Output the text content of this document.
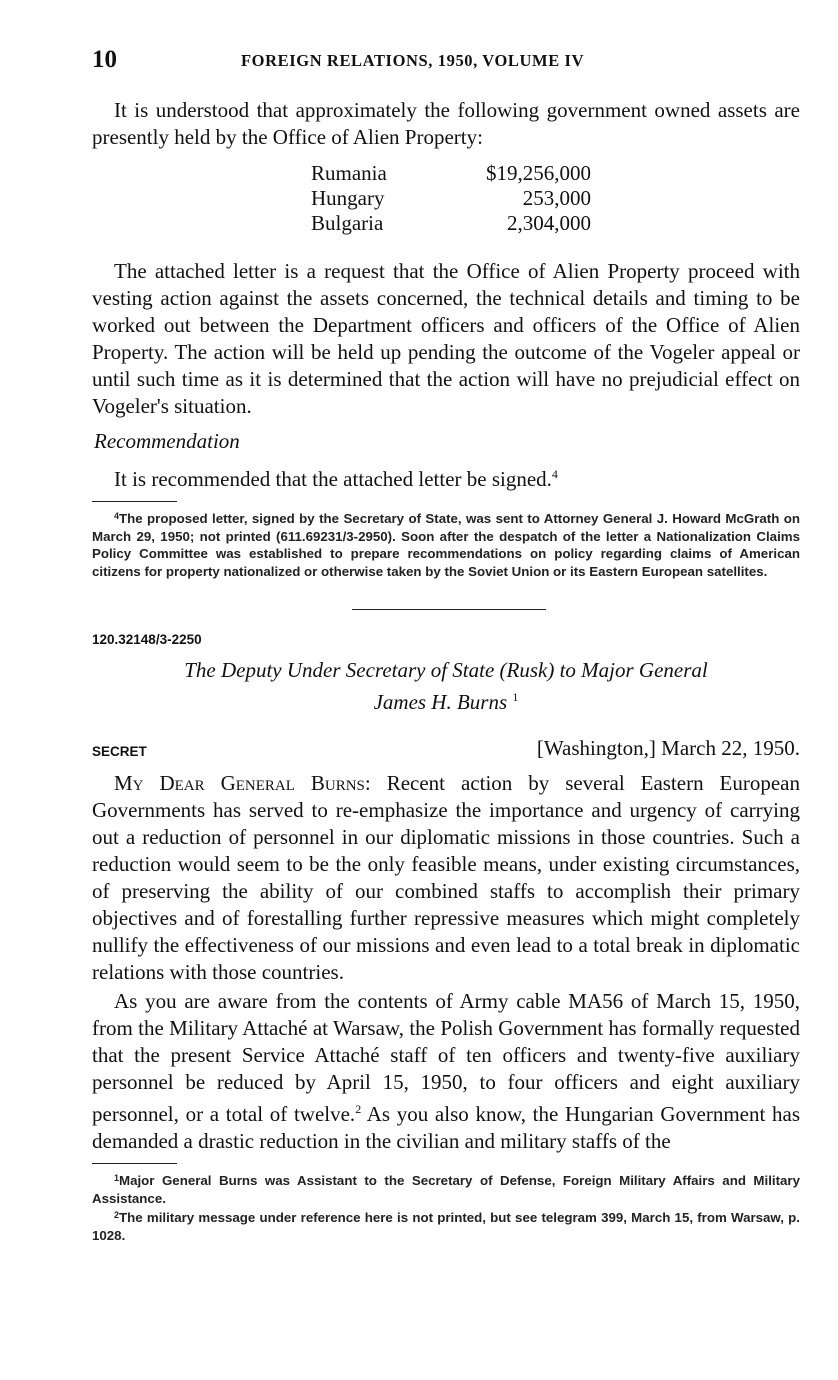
10	FOREIGN RELATIONS, 1950, VOLUME IV

It is understood that approximately the following government owned assets are presently held by the Office of Alien Property:

Rumania	$19,256,000
Hungary	253,000
Bulgaria	2,304,000

The attached letter is a request that the Office of Alien Property proceed with vesting action against the assets concerned, the technical details and timing to be worked out between the Department officers and officers of the Office of Alien Property. The action will be held up pending the outcome of the Vogeler appeal or until such time as it is determined that the action will have no prejudicial effect on Vogeler's situation.

Recommendation

It is recommended that the attached letter be signed.$^4$

$^4$The proposed letter, signed by the Secretary of State, was sent to Attorney General J. Howard McGrath on March 29, 1950; not printed (611.69231/3-2950). Soon after the despatch of the letter a Nationalization Claims Policy Committee was established to prepare recommendations on policy regarding claims of American citizens for property nationalized or otherwise taken by the Soviet Union or its Eastern European satellites.

120.32148/3-2250
The Deputy Under Secretary of State (Rusk) to Major General
James H. Burns $^1$
SECRET	[Washington,] March 22, 1950.

My Dear General Burns: Recent action by several Eastern European Governments has served to re-emphasize the importance and urgency of carrying out a reduction of personnel in our diplomatic missions in those countries. Such a reduction would seem to be the only feasible means, under existing circumstances, of preserving the ability of our combined staffs to accomplish their primary objectives and of forestalling further repressive measures which might completely nullify the effectiveness of our missions and even lead to a total break in diplomatic relations with those countries.

As you are aware from the contents of Army cable MA56 of March 15, 1950, from the Military Attaché at Warsaw, the Polish Government has formally requested that the present Service Attaché staff of ten officers and twenty-five auxiliary personnel be reduced by April 15, 1950, to four officers and eight auxiliary personnel, or a total of twelve.$^2$ As you also know, the Hungarian Government has demanded a drastic reduction in the civilian and military staffs of the

$^1$Major General Burns was Assistant to the Secretary of Defense, Foreign Military Affairs and Military Assistance.

$^2$The military message under reference here is not printed, but see telegram 399, March 15, from Warsaw, p. 1028.
